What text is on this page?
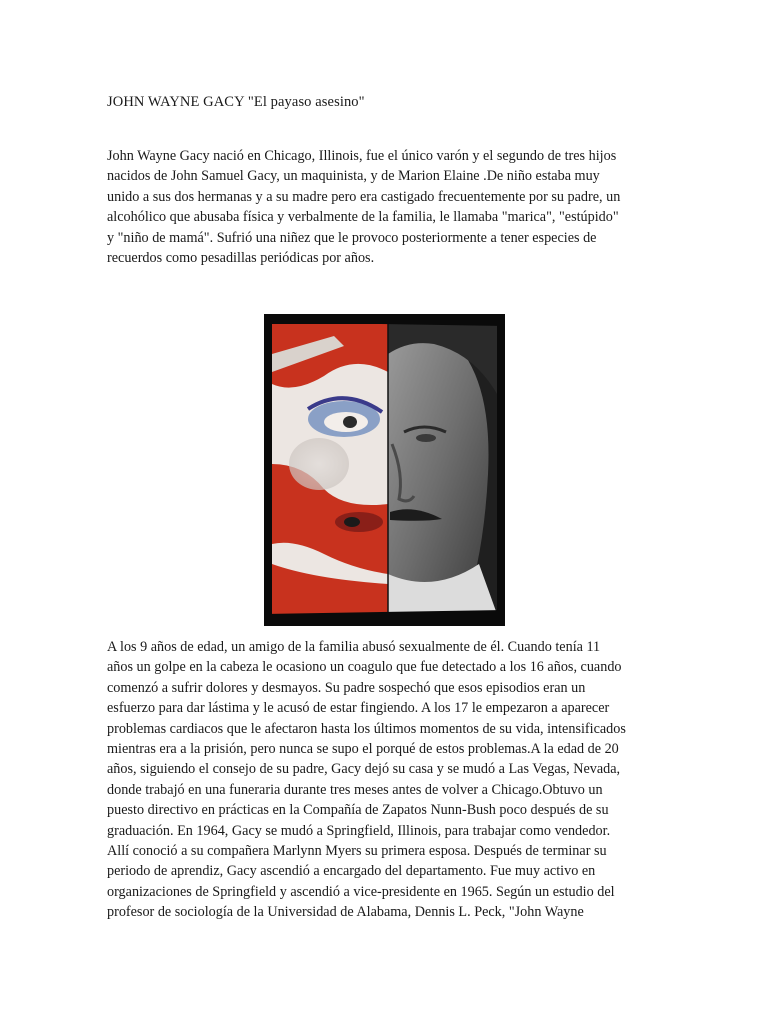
JOHN WAYNE GACY "El payaso asesino"

John Wayne Gacy nació en Chicago, Illinois, fue el único varón y el segundo de tres hijos

nacidos de John Samuel Gacy, un maquinista, y de Marion Elaine .De niño estaba muy

unido a sus dos hermanas y a su madre pero era castigado frecuentemente por su padre, un

alcohólico que abusaba física y verbalmente de la familia, le llamaba "marica", "estúpido"

y "niño de mamá". Sufrió una niñez que le provoco posteriormente a tener especies de

recuerdos como pesadillas periódicas por años.

A los 9 años de edad, un amigo de la familia abusó sexualmente de él. Cuando tenía 11

años un golpe en la cabeza le ocasiono un coagulo que fue detectado a los 16 años, cuando

comenzó a sufrir dolores y desmayos. Su padre sospechó que esos episodios eran un

esfuerzo para dar lástima y le acusó de estar fingiendo. A los 17 le empezaron a aparecer

problemas cardiacos que le afectaron hasta los últimos momentos de su vida, intensificados

mientras era a la prisión, pero nunca se supo el porqué de estos problemas.A la edad de 20

años, siguiendo el consejo de su padre, Gacy dejó su casa y se mudó a Las Vegas, Nevada,

donde trabajó en una funeraria durante tres meses antes de volver a Chicago.Obtuvo un

puesto directivo en prácticas en la Compañía de Zapatos Nunn-Bush poco después de su

graduación. En 1964, Gacy se mudó a Springfield, Illinois, para trabajar como vendedor.

Allí conoció a su compañera Marlynn Myers su primera esposa. Después de terminar su

periodo de aprendiz, Gacy ascendió a encargado del departamento. Fue muy activo en

organizaciones de Springfield y ascendió a vice-presidente en 1965. Según un estudio del

profesor de sociología de la Universidad de Alabama, Dennis L. Peck, "John Wayne
